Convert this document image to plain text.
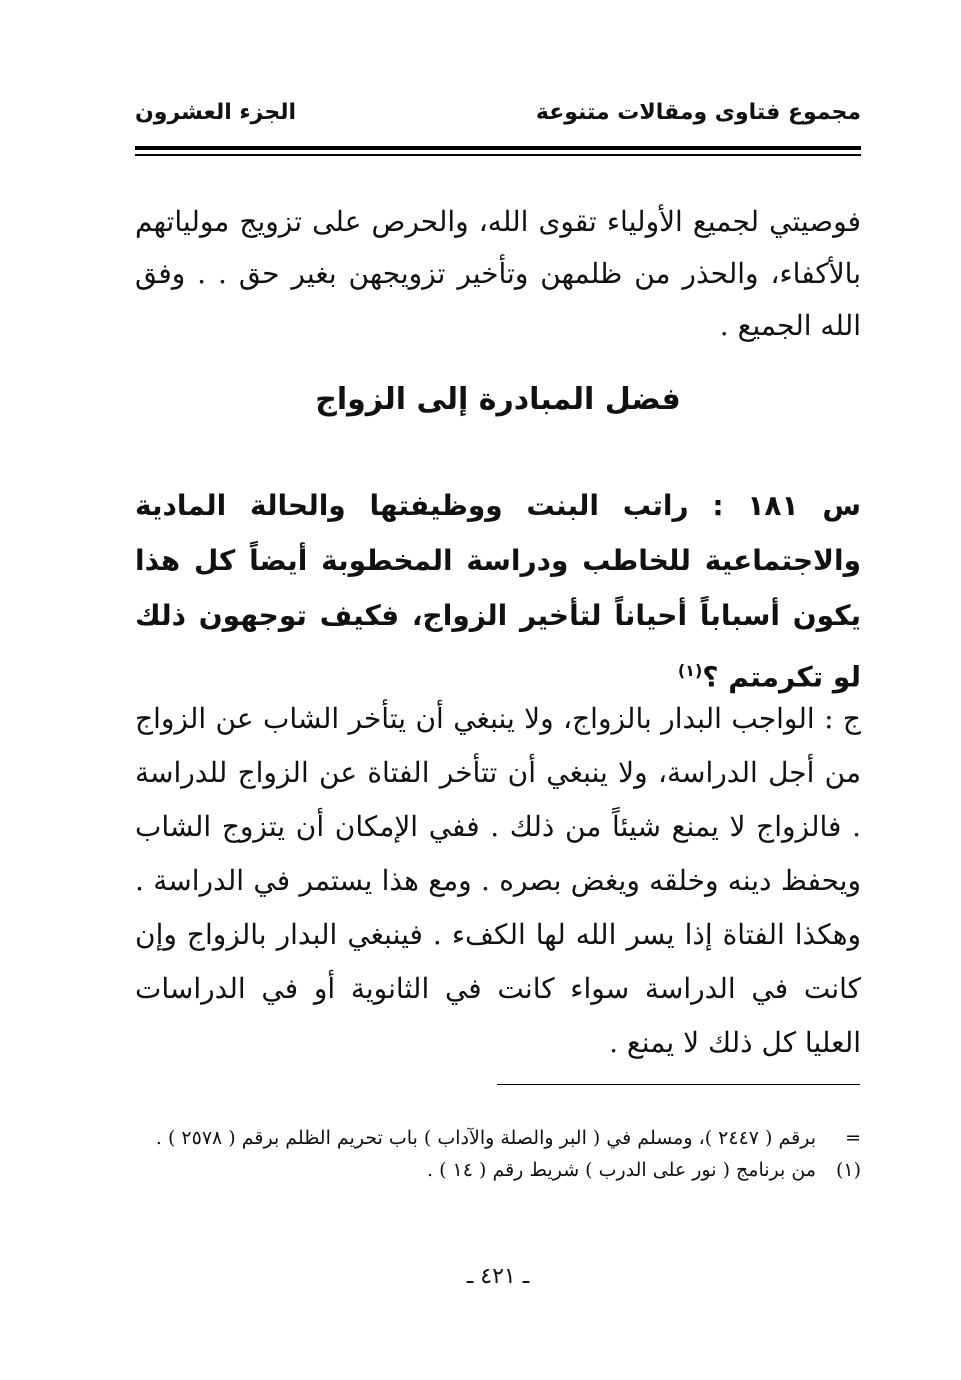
مجموع فتاوى ومقالات متنوعة
الجزء العشرون
فوصيتي لجميع الأولياء تقوى الله، والحرص على تزويج مولياتهم بالأكفاء، والحذر من ظلمهن وتأخير تزويجهن بغير حق . . وفق الله الجميع .
فضل المبادرة إلى الزواج
س ١٨١ : راتب البنت ووظيفتها والحالة المادية والاجتماعية للخاطب ودراسة المخطوبة أيضاً كل هذا يكون أسباباً أحياناً لتأخير الزواج، فكيف توجهون ذلك لو تكرمتم ؟$^{(١)}$
ج : الواجب البدار بالزواج، ولا ينبغي أن يتأخر الشاب عن الزواج من أجل الدراسة، ولا ينبغي أن تتأخر الفتاة عن الزواج للدراسة . فالزواج لا يمنع شيئاً من ذلك . ففي الإمكان أن يتزوج الشاب ويحفظ دينه وخلقه ويغض بصره . ومع هذا يستمر في الدراسة . وهكذا الفتاة إذا يسر الله لها الكفء . فينبغي البدار بالزواج وإن كانت في الدراسة سواء كانت في الثانوية أو في الدراسات العليا كل ذلك لا يمنع .
=
برقم ( ٢٤٤٧ )، ومسلم في ( البر والصلة والآداب ) باب تحريم الظلم برقم ( ٢٥٧٨ ) .
(١)
من برنامج ( نور على الدرب ) شريط رقم ( ١٤ ) .
ـ ٤٢١ ـ
